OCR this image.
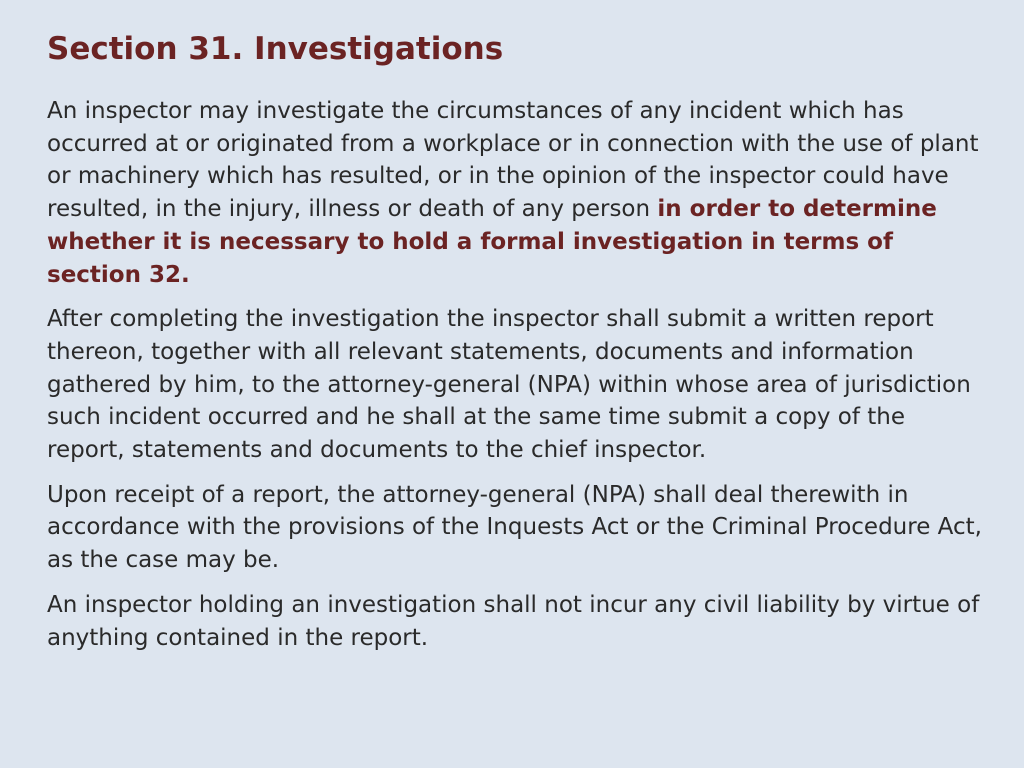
Section 31. Investigations

An inspector may investigate the circumstances of any incident which has occurred at or originated from a workplace or in connection with the use of plant or machinery which has resulted, or in the opinion of the inspector could have resulted, in the injury, illness or death of any person in order to determine whether it is necessary to hold a formal investigation in terms of section 32.

After completing the investigation the inspector shall submit a written report thereon, together with all relevant statements, documents and information gathered by him, to the attorney-general (NPA) within whose area of jurisdiction such incident occurred and he shall at the same time submit a copy of the report, statements and documents to the chief inspector.

Upon receipt of a report, the attorney-general (NPA) shall deal therewith in accordance with the provisions of the Inquests Act or the Criminal Procedure Act, as the case may be.

An inspector holding an investigation shall not incur any civil liability by virtue of anything contained in the report.
